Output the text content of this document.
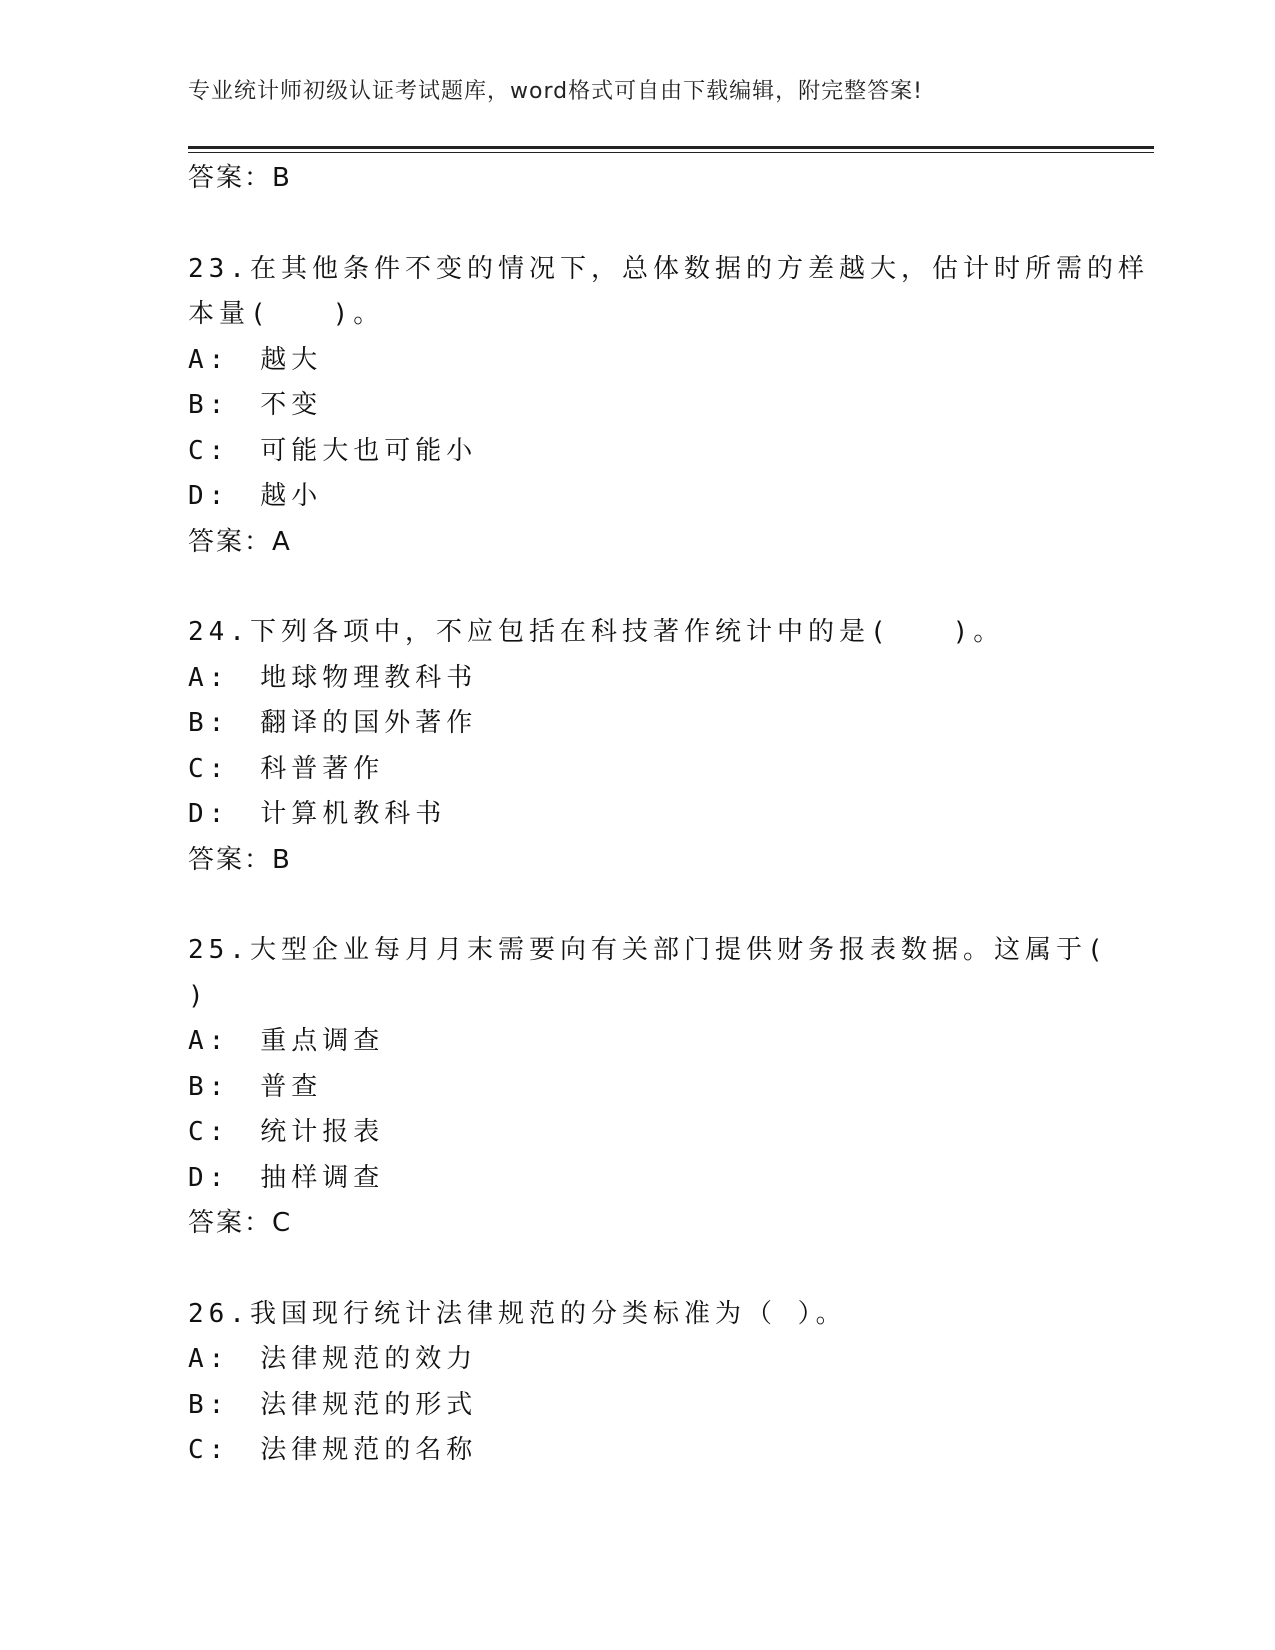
专业统计师初级认证考试题库，word格式可自由下载编辑，附完整答案!
答案：B
23.在其他条件不变的情况下，总体数据的方差越大，估计时所需的样
本量(　　)。
A:　越大
B:　不变
C:　可能大也可能小
D:　越小
答案：A
24.下列各项中，不应包括在科技著作统计中的是(　　)。
A:　地球物理教科书
B:　翻译的国外著作
C:　科普著作
D:　计算机教科书
答案：B
25.大型企业每月月末需要向有关部门提供财务报表数据。这属于(
)
A:　重点调查
B:　普查
C:　统计报表
D:　抽样调查
答案：C
26.我国现行统计法律规范的分类标准为（ ）。
A:　法律规范的效力
B:　法律规范的形式
C:　法律规范的名称
